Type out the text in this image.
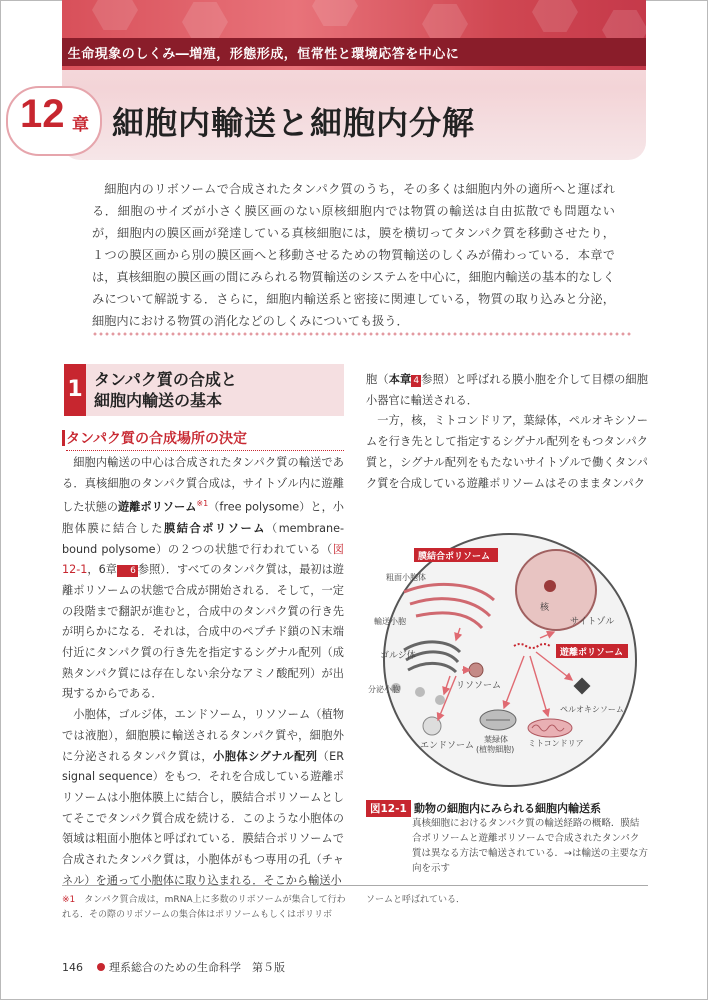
第Ⅲ部 生命現象のしくみ―増殖，形態形成，恒常性と環境応答を中心に
12 章 細胞内輸送と細胞内分解

細胞内のリボソームで合成されたタンパク質のうち，その多くは細胞内外の適所へと運ばれる．細胞のサイズが小さく膜区画のない原核細胞内では物質の輸送は自由拡散でも問題ないが，細胞内の膜区画が発達している真核細胞には，膜を横切ってタンパク質を移動させたり，１つの膜区画から別の膜区画へと移動させるための物質輸送のしくみが備わっている．本章では，真核細胞の膜区画の間にみられる物質輸送のシステムを中心に，細胞内輸送の基本的なしくみについて解説する．さらに，細胞内輸送系と密接に関連している，物質の取り込みと分泌，細胞内における物質の消化などのしくみについても扱う．

1 タンパク質の合成と
細胞内輸送の基本
タンパク質の合成場所の決定

細胞内輸送の中心は合成されたタンパク質の輸送である．真核細胞のタンパク質合成は，サイトゾル内に遊離した状態の遊離ポリソーム$^{※1}$（free polysome）と，小胞体膜に結合した膜結合ポリソーム（membrane-bound polysome）の２つの状態で行われている（図12-1，6章 6 参照）．すべてのタンパク質は，最初は遊離ポリソームの状態で合成が開始される．そして，一定の段階まで翻訳が進むと，合成中のタンパク質の行き先が明らかになる．それは，合成中のペプチド鎖のＮ末端付近にタンパク質の行き先を指定するシグナル配列（成熟タンパク質には存在しない余分なアミノ酸配列）が出現するからである．

小胞体，ゴルジ体，エンドソーム，リソソーム（植物では液胞），細胞膜に輸送されるタンパク質や，細胞外に分泌されるタンパク質は，小胞体シグナル配列（ER signal sequence）をもつ．それを合成している遊離ポリソームは小胞体膜上に結合し，膜結合ポリソームとしてそこでタンパク質合成を続ける．このような小胞体の領域は粗面小胞体と呼ばれている．膜結合ポリソームで合成されたタンパク質は，小胞体がもつ専用の孔（チャネル）を通って小胞体に取り込まれる．そこから輸送小

胞（本章 4 参照）と呼ばれる膜小胞を介して目標の細胞小器官に輸送される．

一方，核，ミトコンドリア，葉緑体，ペルオキシソームを行き先として指定するシグナル配列をもつタンパク質と，シグナル配列をもたないサイトゾルで働くタンパク質を合成している遊離ポリソームはそのままタンパク

核
膜結合ポリソーム
粗面小胞体
輸送小胞
ゴルジ体
分泌小胞	リソソーム
エンドソーム
葉緑体
(植物細胞)
ミトコンドリア
ペルオキシソーム
遊離ポリソーム
サイトゾル
図12-1 動物の細胞内にみられる細胞内輸送系

真核細胞におけるタンパク質の輸送経路の概略．膜結合ポリソームと遊離ポリソームで合成されたタンパク質は異なる方法で輸送されている．→は輸送の主要な方向を示す

※1　 タンパク質合成は，mRNA上に多数のリボソームが集合して行われる．その際のリボソームの集合体はポリソームもしくはポリリボ

ソームと呼ばれている．

146 理系総合のための生命科学　第５版
